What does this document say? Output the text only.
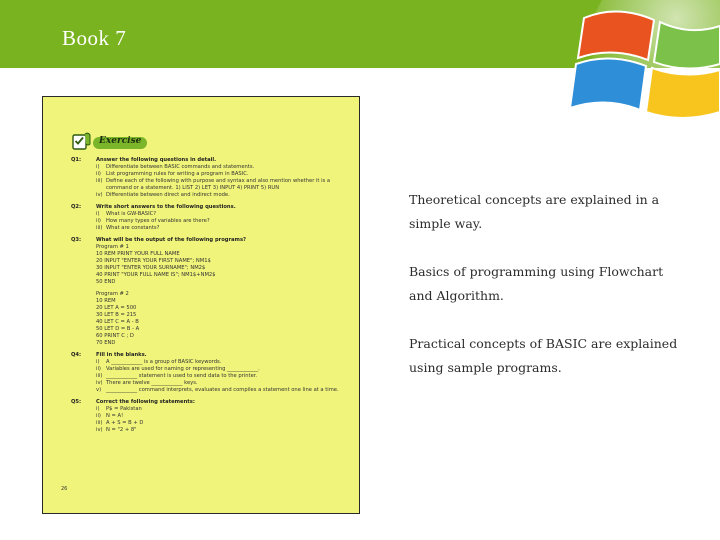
Book 7
Exercise
Q1:	Answer the following questions in detail.
i)	Differentiate between BASIC commands and statements.
ii) List programming rules for writing a program in BASIC.
iii) Define each of the following with purpose and syntax and also mention whether it is a
command or a statement. 1) LIST 2) LET 3) INPUT 4) PRINT 5) RUN
iv) Differentiate between direct and indirect mode.
Q2:	Write short answers to the following questions.
i)	What is GW-BASIC?
ii) How many types of variables are there?
iii) What are constants?
Q3:	What will be the output of the following programs?
Program # 1
10 REM PRINT YOUR FULL NAME
20 INPUT "ENTER YOUR FIRST NAME"; NM1$
30 INPUT "ENTER YOUR SURNAME"; NM2$
40 PRINT "YOUR FULL NAME IS"; NM1$+NM2$
50 END
Program # 2
10 REM
20 LET A = 500
30 LET B = 215
40 LET C = A - B
50 LET D = B - A
60 PRINT C ; D
70 END
Q4:	Fill in the blanks.
i)	A ____________ is a group of BASIC keywords.
ii) Variables are used for naming or representing ____________.
iii) ____________ statement is used to send data to the printer.
iv) There are twelve ____________ keys.
v) ____________ command interprets, evaluates and compiles a statement one line at a time.
Q5:	Correct the following statements:
i)	P$ = Pakistan
ii) N = A!
iii) A + S = B + D
iv) N = "2 + 8"
26
Theoretical concepts are explained in a simple way.
Basics of programming using Flowchart and Algorithm.
Practical concepts of BASIC are explained using sample programs.
